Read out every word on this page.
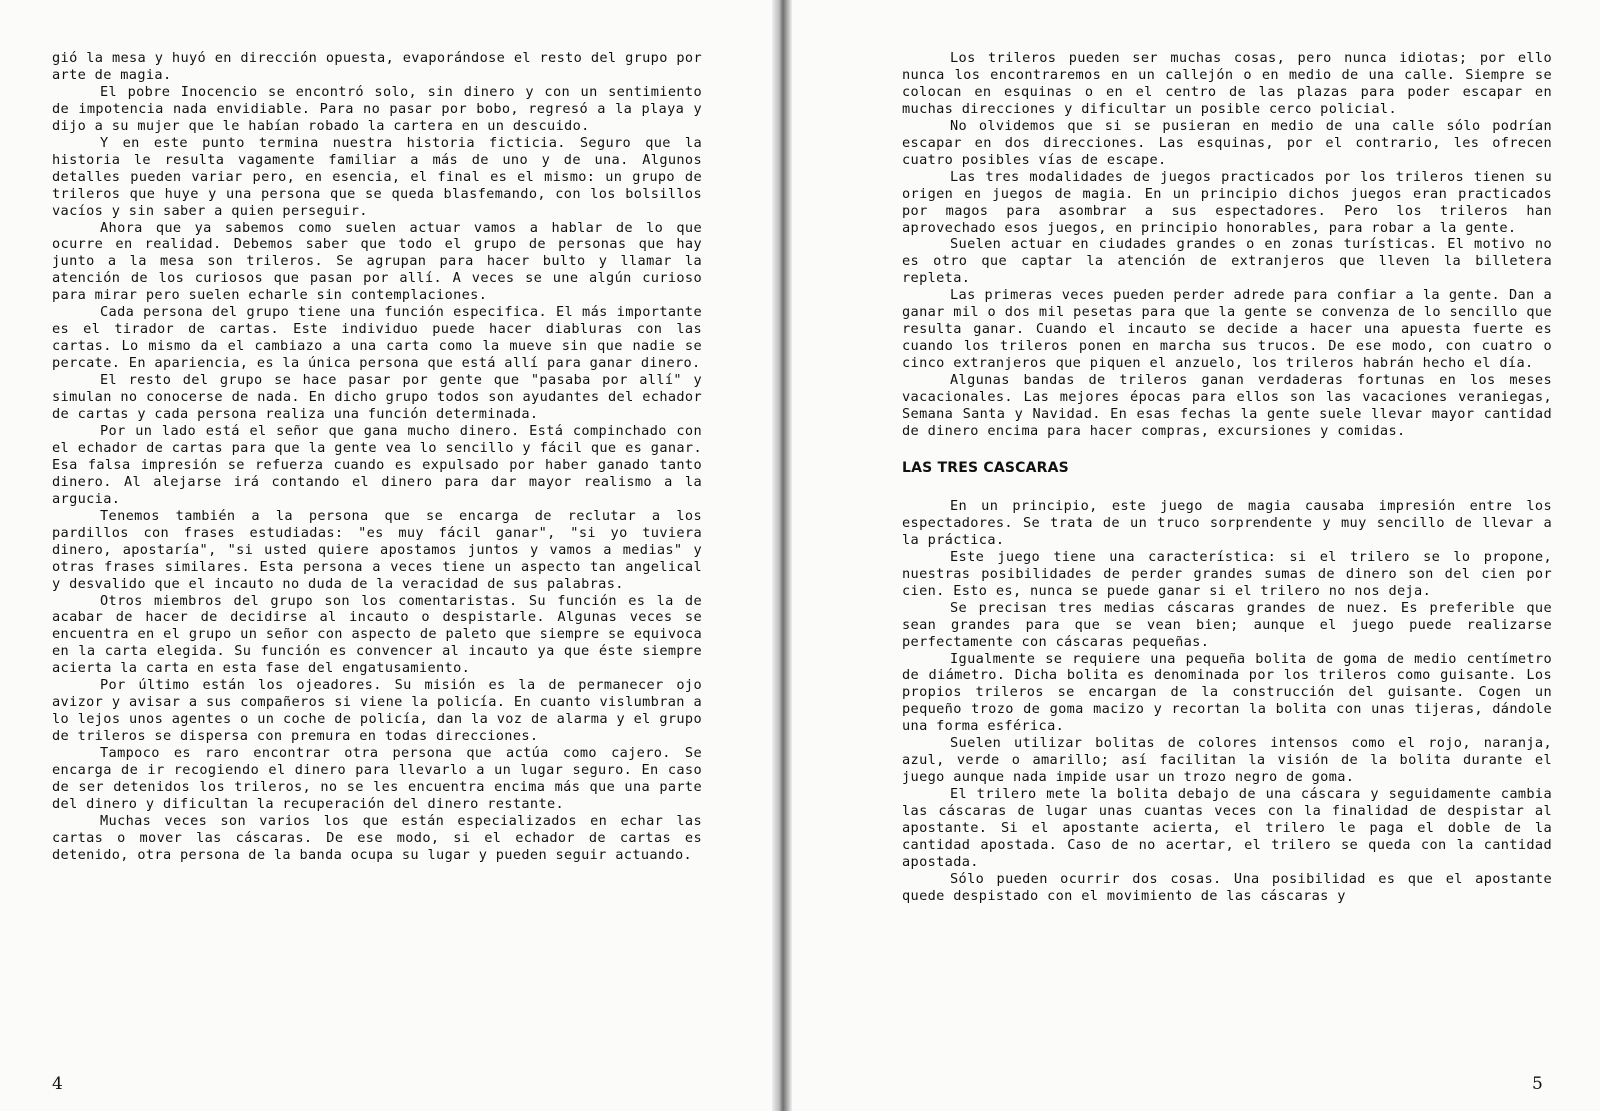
gió la mesa y huyó en dirección opuesta, evaporándose el resto del grupo por arte de magia.

El pobre Inocencio se encontró solo, sin dinero y con un sentimiento de impotencia nada envidiable. Para no pasar por bobo, regresó a la playa y dijo a su mujer que le habían robado la cartera en un descuido.

Y en este punto termina nuestra historia ficticia. Seguro que la historia le resulta vagamente familiar a más de uno y de una. Algunos detalles pueden variar pero, en esencia, el final es el mismo: un grupo de trileros que huye y una persona que se queda blasfemando, con los bolsillos vacíos y sin saber a quien perseguir.

Ahora que ya sabemos como suelen actuar vamos a hablar de lo que ocurre en realidad. Debemos saber que todo el grupo de personas que hay junto a la mesa son trileros. Se agrupan para hacer bulto y llamar la atención de los curiosos que pasan por allí. A veces se une algún curioso para mirar pero suelen echarle sin contemplaciones.

Cada persona del grupo tiene una función especifica. El más importante es el tirador de cartas. Este individuo puede hacer diabluras con las cartas. Lo mismo da el cambiazo a una carta como la mueve sin que nadie se percate. En apariencia, es la única persona que está allí para ganar dinero.

El resto del grupo se hace pasar por gente que "pasaba por allí" y simulan no conocerse de nada. En dicho grupo todos son ayudantes del echador de cartas y cada persona realiza una función determinada.

Por un lado está el señor que gana mucho dinero. Está compinchado con el echador de cartas para que la gente vea lo sencillo y fácil que es ganar. Esa falsa impresión se refuerza cuando es expulsado por haber ganado tanto dinero. Al alejarse irá contando el dinero para dar mayor realismo a la argucia.

Tenemos también a la persona que se encarga de reclutar a los pardillos con frases estudiadas: "es muy fácil ganar", "si yo tuviera dinero, apostaría", "si usted quiere apostamos juntos y vamos a medias" y otras frases similares. Esta persona a veces tiene un aspecto tan angelical y desvalido que el incauto no duda de la veracidad de sus palabras.

Otros miembros del grupo son los comentaristas. Su función es la de acabar de hacer de decidirse al incauto o despistarle. Algunas veces se encuentra en el grupo un señor con aspecto de paleto que siempre se equivoca en la carta elegida. Su función es convencer al incauto ya que éste siempre acierta la carta en esta fase del engatusamiento.

Por último están los ojeadores. Su misión es la de permanecer ojo avizor y avisar a sus compañeros si viene la policía. En cuanto vislumbran a lo lejos unos agentes o un coche de policía, dan la voz de alarma y el grupo de trileros se dispersa con premura en todas direcciones.

Tampoco es raro encontrar otra persona que actúa como cajero. Se encarga de ir recogiendo el dinero para llevarlo a un lugar seguro. En caso de ser detenidos los trileros, no se les encuentra encima más que una parte del dinero y dificultan la recuperación del dinero restante.

Muchas veces son varios los que están especializados en echar las cartas o mover las cáscaras. De ese modo, si el echador de cartas es detenido, otra persona de la banda ocupa su lugar y pueden seguir actuando.

Los trileros pueden ser muchas cosas, pero nunca idiotas; por ello nunca los encontraremos en un callejón o en medio de una calle. Siempre se colocan en esquinas o en el centro de las plazas para poder escapar en muchas direcciones y dificultar un posible cerco policial.

No olvidemos que si se pusieran en medio de una calle sólo podrían escapar en dos direcciones. Las esquinas, por el contrario, les ofrecen cuatro posibles vías de escape.

Las tres modalidades de juegos practicados por los trileros tienen su origen en juegos de magia. En un principio dichos juegos eran practicados por magos para asombrar a sus espectadores. Pero los trileros han aprovechado esos juegos, en principio honorables, para robar a la gente.

Suelen actuar en ciudades grandes o en zonas turísticas. El motivo no es otro que captar la atención de extranjeros que lleven la billetera repleta.

Las primeras veces pueden perder adrede para confiar a la gente. Dan a ganar mil o dos mil pesetas para que la gente se convenza de lo sencillo que resulta ganar. Cuando el incauto se decide a hacer una apuesta fuerte es cuando los trileros ponen en marcha sus trucos. De ese modo, con cuatro o cinco extranjeros que piquen el anzuelo, los trileros habrán hecho el día.

Algunas bandas de trileros ganan verdaderas fortunas en los meses vacacionales. Las mejores épocas para ellos son las vacaciones veraniegas, Semana Santa y Navidad. En esas fechas la gente suele llevar mayor cantidad de dinero encima para hacer compras, excursiones y comidas.

LAS TRES CASCARAS

En un principio, este juego de magia causaba impresión entre los espectadores. Se trata de un truco sorprendente y muy sencillo de llevar a la práctica.

Este juego tiene una característica: si el trilero se lo propone, nuestras posibilidades de perder grandes sumas de dinero son del cien por cien. Esto es, nunca se puede ganar si el trilero no nos deja.

Se precisan tres medias cáscaras grandes de nuez. Es preferible que sean grandes para que se vean bien; aunque el juego puede realizarse perfectamente con cáscaras pequeñas.

Igualmente se requiere una pequeña bolita de goma de medio centímetro de diámetro. Dicha bolita es denominada por los trileros como guisante. Los propios trileros se encargan de la construcción del guisante. Cogen un pequeño trozo de goma macizo y recortan la bolita con unas tijeras, dándole una forma esférica.

Suelen utilizar bolitas de colores intensos como el rojo, naranja, azul, verde o amarillo; así facilitan la visión de la bolita durante el juego aunque nada impide usar un trozo negro de goma.

El trilero mete la bolita debajo de una cáscara y seguidamente cambia las cáscaras de lugar unas cuantas veces con la finalidad de despistar al apostante. Si el apostante acierta, el trilero le paga el doble de la cantidad apostada. Caso de no acertar, el trilero se queda con la cantidad apostada.

Sólo pueden ocurrir dos cosas. Una posibilidad es que el apostante quede despistado con el movimiento de las cáscaras y

4	5
